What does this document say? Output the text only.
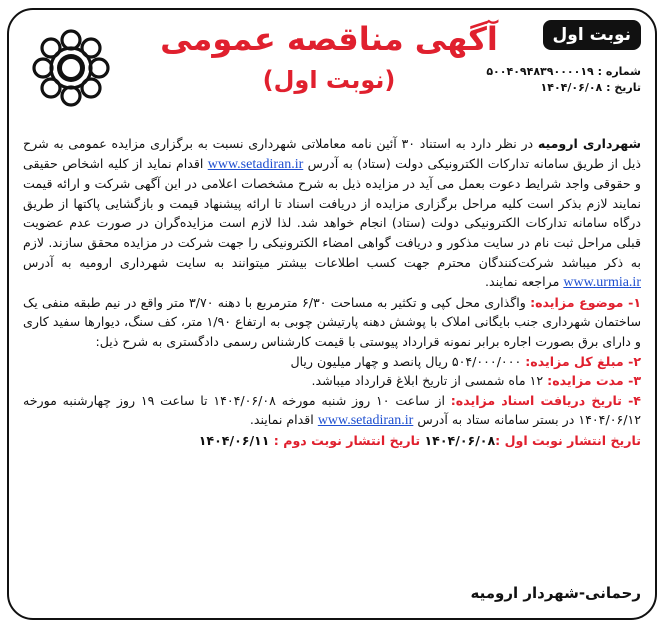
نوبت اول
آگهی مناقصه عمومی
(نوبت اول)	شماره : ۵۰۰۴۰۹۴۸۳۹۰۰۰۰۱۹
تاریخ : ۱۴۰۴/۰۶/۰۸

شهرداری ارومیه در نظر دارد به استناد ۳۰ آئین نامه معاملاتی شهرداری نسبت به برگزاری مزایده عمومی به شرح ذیل از طریق سامانه تدارکات الکترونیکی دولت (ستاد) به آدرس www.setadiran.ir اقدام نماید از کلیه اشخاص حقیقی و حقوقی واجد شرایط دعوت بعمل می آید در مزایده ذیل به شرح مشخصات اعلامی در این آگهی شرکت و ارائه قیمت نمایند لازم بذکر است کلیه مراحل برگزاری مزایده از دریافت اسناد تا ارائه پیشنهاد قیمت و بازگشایی پاکتها از طریق درگاه سامانه تدارکات الکترونیکی دولت (ستاد) انجام خواهد شد. لذا لازم است مزایده‌گران در صورت عدم عضویت قبلی مراحل ثبت نام در سایت مذکور و دریافت گواهی امضاء الکترونیکی را جهت شرکت در مزایده محقق سازند. لازم به ذکر میباشد شرکت‌کنندگان محترم جهت کسب اطلاعات بیشتر میتوانند به سایت شهرداری ارومیه به آدرس www.urmia.ir مراجعه نمایند.

۱- موضوع مزایده: واگذاری محل کپی و تکثیر به مساحت ۶/۳۰ مترمربع با دهنه ۳/۷۰ متر واقع در نیم طبقه منفی یک ساختمان شهرداری جنب بایگانی املاک با پوشش دهنه پارتیشن چوبی به ارتفاع ۱/۹۰ متر، کف سنگ، دیوارها سفید کاری و دارای برق بصورت اجاره برابر نمونه قرارداد پیوستی با قیمت کارشناس رسمی دادگستری به شرح ذیل:

۲- مبلغ کل مزایده: ۵۰۴/۰۰۰/۰۰۰ ریال پانصد و چهار میلیون ریال

۳- مدت مزایده: ۱۲ ماه شمسی از تاریخ ابلاغ قرارداد میباشد.

۴- تاریخ دریافت اسناد مزایده: از ساعت ۱۰ روز شنبه مورخه ۱۴۰۴/۰۶/۰۸ تا ساعت ۱۹ روز چهارشنبه مورخه ۱۴۰۴/۰۶/۱۲ در بستر سامانه ستاد به آدرس www.setadiran.ir اقدام نمایند.

تاریخ انتشار نوبت اول :۱۴۰۴/۰۶/۰۸ تاریخ انتشار نوبت دوم : ۱۴۰۴/۰۶/۱۱

رحمانی-شهردار ارومیه
